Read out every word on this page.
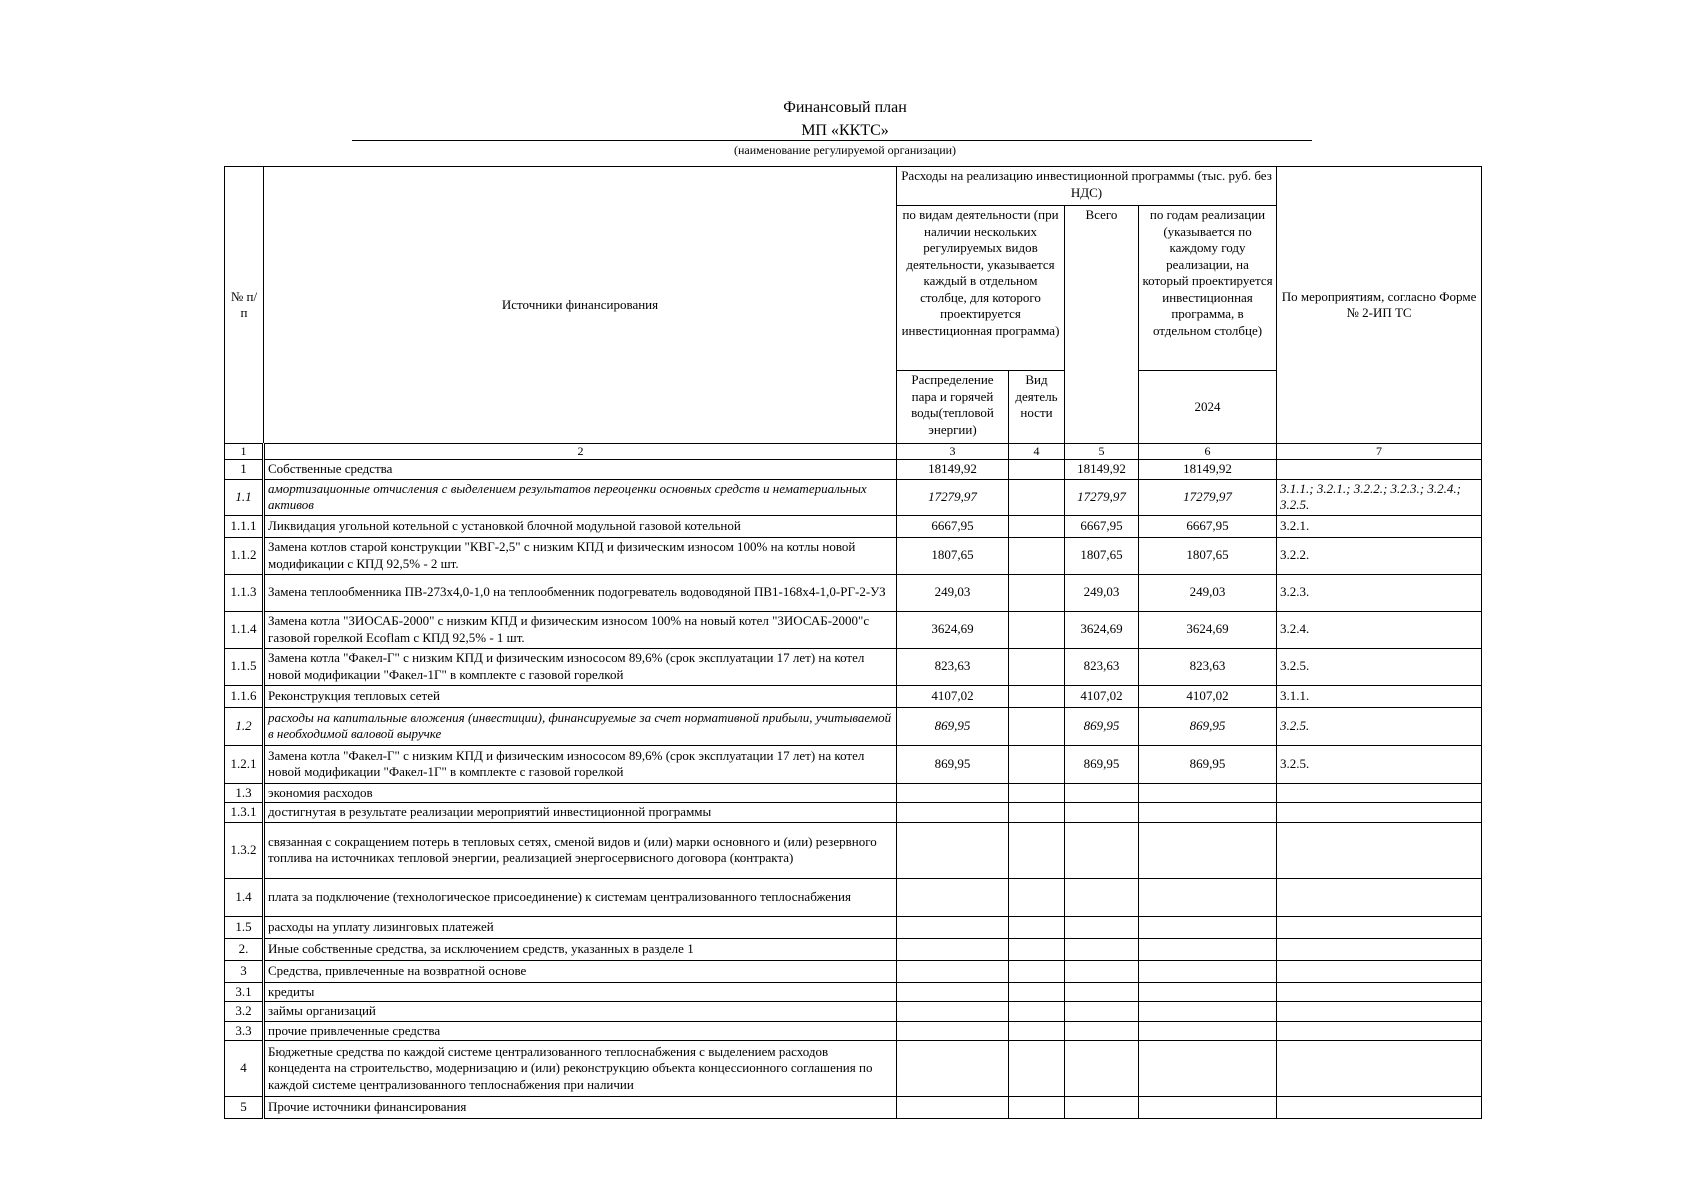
Финансовый план
МП «ККТС»
(наименование регулируемой организации)
№ п/п	Источники финансирования	Расходы на реализацию инвестиционной программы (тыс. руб. без НДС)				По мероприятиям, согласно Форме № 2-ИП ТС
		по видам деятельности (при наличии нескольких регулируемых видов деятельности, указывается каждый в отдельном столбце, для которого проектируется инвестиционная программа)		Всего	по годам реализации (указывается по каждому году реализации, на который проектируется инвестиционная программа, в отдельном столбце)	
		Распределение пара и горячей воды(тепловой энергии)	Вид деятель ности		2024	
1	2	3	4	5	6	7
1	Собственные средства	18149,92		18149,92	18149,92	
1.1	амортизационные отчисления с выделением результатов переоценки основных средств и нематериальных активов	17279,97		17279,97	17279,97	3.1.1.; 3.2.1.; 3.2.2.; 3.2.3.; 3.2.4.; 3.2.5.
1.1.1	Ликвидация угольной котельной с установкой блочной модульной газовой котельной	6667,95		6667,95	6667,95	3.2.1.
1.1.2	Замена котлов старой конструкции "КВГ-2,5" с низким КПД и физическим износом 100% на котлы новой модификации с КПД 92,5% - 2 шт.	1807,65		1807,65	1807,65	3.2.2.
1.1.3	Замена теплообменника ПВ-273х4,0-1,0 на теплообменник подогреватель водоводяной ПВ1-168х4-1,0-РГ-2-УЗ	249,03		249,03	249,03	3.2.3.
1.1.4	Замена котла "ЗИОСАБ-2000" с низким КПД и физическим износом 100% на новый котел "ЗИОСАБ-2000"с газовой горелкой Ecoflam с КПД 92,5% - 1 шт.	3624,69		3624,69	3624,69	3.2.4.
1.1.5	Замена котла "Факел-Г" с низким КПД и физическим износосом 89,6% (срок эксплуатации 17 лет) на котел новой модификации "Факел-1Г" в комплекте с газовой горелкой	823,63		823,63	823,63	3.2.5.
1.1.6	Реконструкция тепловых сетей	4107,02		4107,02	4107,02	3.1.1.
1.2	расходы на капитальные вложения (инвестиции), финансируемые за счет нормативной прибыли, учитываемой в необходимой валовой выручке	869,95		869,95	869,95	3.2.5.
1.2.1	Замена котла "Факел-Г" с низким КПД и физическим износосом 89,6% (срок эксплуатации 17 лет) на котел новой модификации "Факел-1Г" в комплекте с газовой горелкой	869,95		869,95	869,95	3.2.5.
1.3	экономия расходов					
1.3.1	достигнутая в результате реализации мероприятий инвестиционной программы					
1.3.2	связанная с сокращением потерь в тепловых сетях, сменой видов и (или) марки основного и (или) резервного топлива на источниках тепловой энергии, реализацией энергосервисного договора (контракта)					
1.4	плата за подключение (технологическое присоединение) к системам централизованного теплоснабжения					
1.5	расходы на уплату лизинговых платежей					
2.	Иные собственные средства, за исключением средств, указанных в разделе 1					
3	Средства, привлеченные на возвратной основе					
3.1	кредиты					
3.2	займы организаций					
3.3	прочие привлеченные средства					
4	Бюджетные средства по каждой системе централизованного теплоснабжения с выделением расходов концедента на строительство, модернизацию и (или) реконструкцию объекта концессионного соглашения по каждой системе централизованного теплоснабжения при наличии					
5	Прочие источники финансирования					
